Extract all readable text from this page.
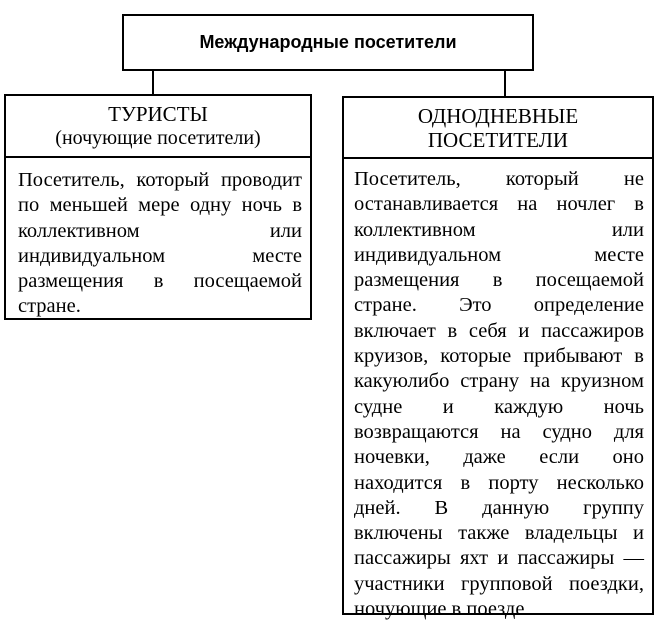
Международные посетители
ТУРИСТЫ
(ночующие посетители)

Посетитель, который проводит по меньшей мере одну ночь в коллективном или индивидуальном месте размещения в посещаемой стране.

ОДНОДНЕВНЫЕ
ПОСЕТИТЕЛИ

Посетитель, который не останавливается на ночлег в коллективном или индивидуальном месте размещения в посещаемой стране. Это определение включает в себя и пассажиров круизов, которые прибывают в какуюлибо страну на круизном судне и каждую ночь возвращаются на судно для ночевки, даже если оно находится в порту несколько дней. В данную группу включены также владельцы и пассажиры яхт и пассажиры — участники групповой поездки, ночующие в поезде
